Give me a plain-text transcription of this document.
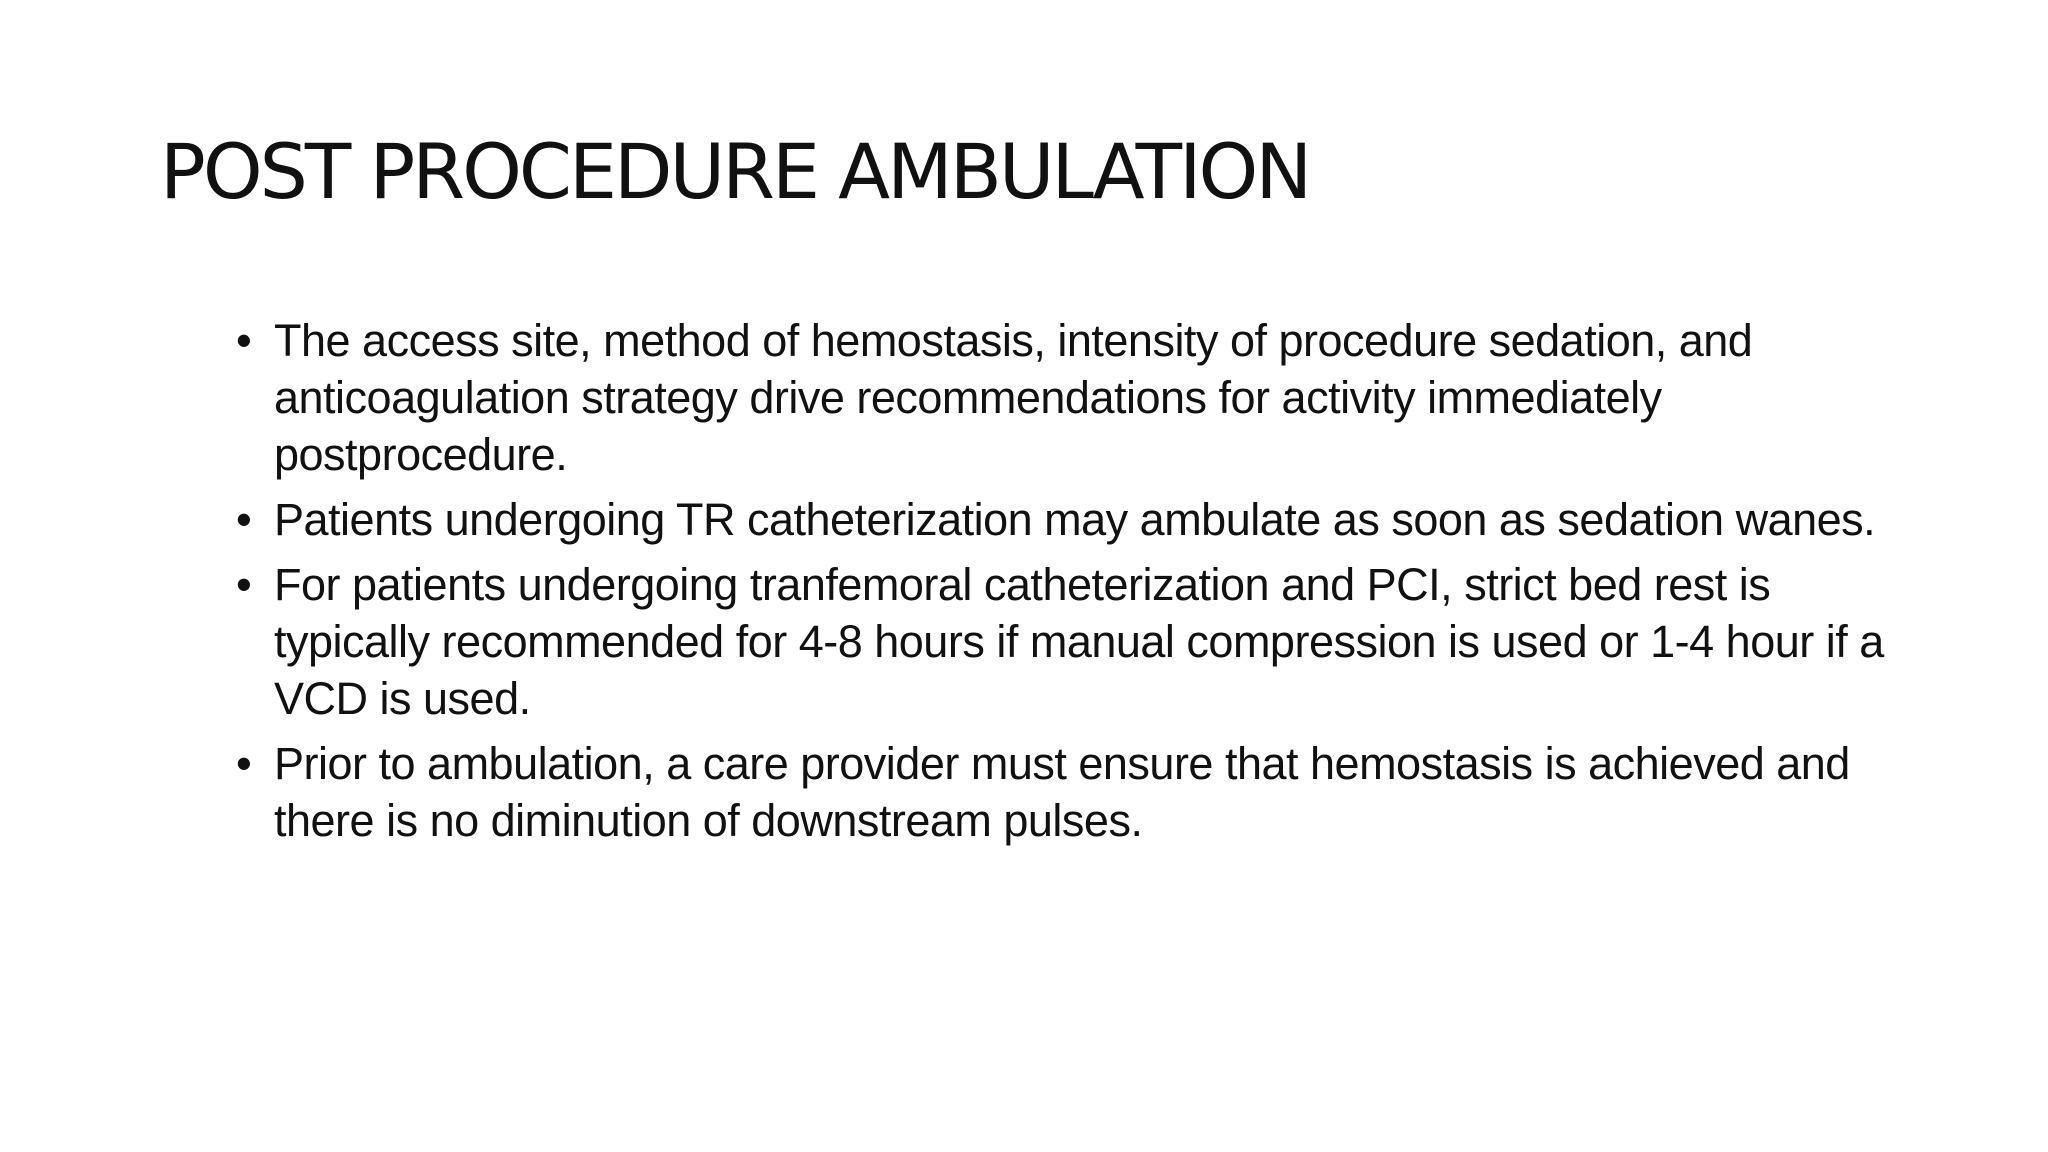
POST PROCEDURE AMBULATION
• The access site, method of hemostasis, intensity of procedure sedation, and anticoagulation strategy drive recommendations for activity immediately postprocedure.
• Patients undergoing TR catheterization may ambulate as soon as sedation wanes.
• For patients undergoing tranfemoral catheterization and PCI, strict bed rest is typically recommended for 4-8 hours if manual compression is used or 1-4 hour if a VCD is used.
• Prior to ambulation, a care provider must ensure that hemostasis is achieved and there is no diminution of downstream pulses.
